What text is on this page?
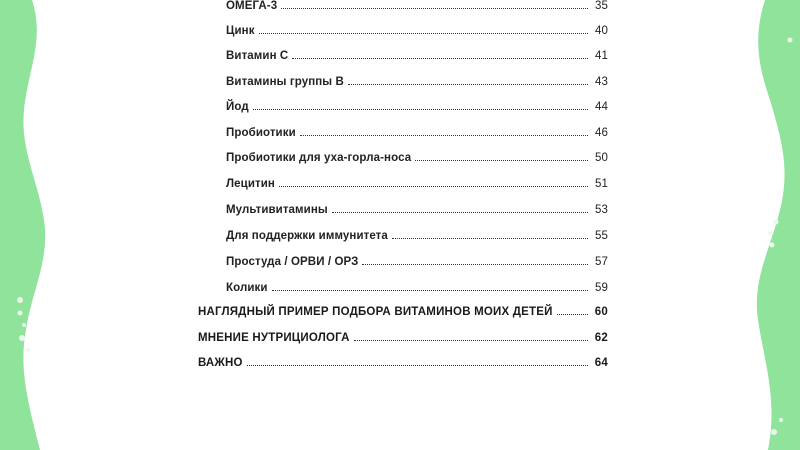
ОМЕГА-3	35
Цинк	40
Витамин С	41
Витамины группы В	43
Йод	44
Пробиотики	46
Пробиотики для уха-горла-носа	50
Лецитин	51
Мультивитамины	53
Для поддержки иммунитета	55
Простуда / ОРВИ / ОРЗ	57
Колики	59
НАГЛЯДНЫЙ ПРИМЕР ПОДБОРА ВИТАМИНОВ МОИХ ДЕТЕЙ	60
МНЕНИЕ НУТРИЦИОЛОГА	62
ВАЖНО	64
